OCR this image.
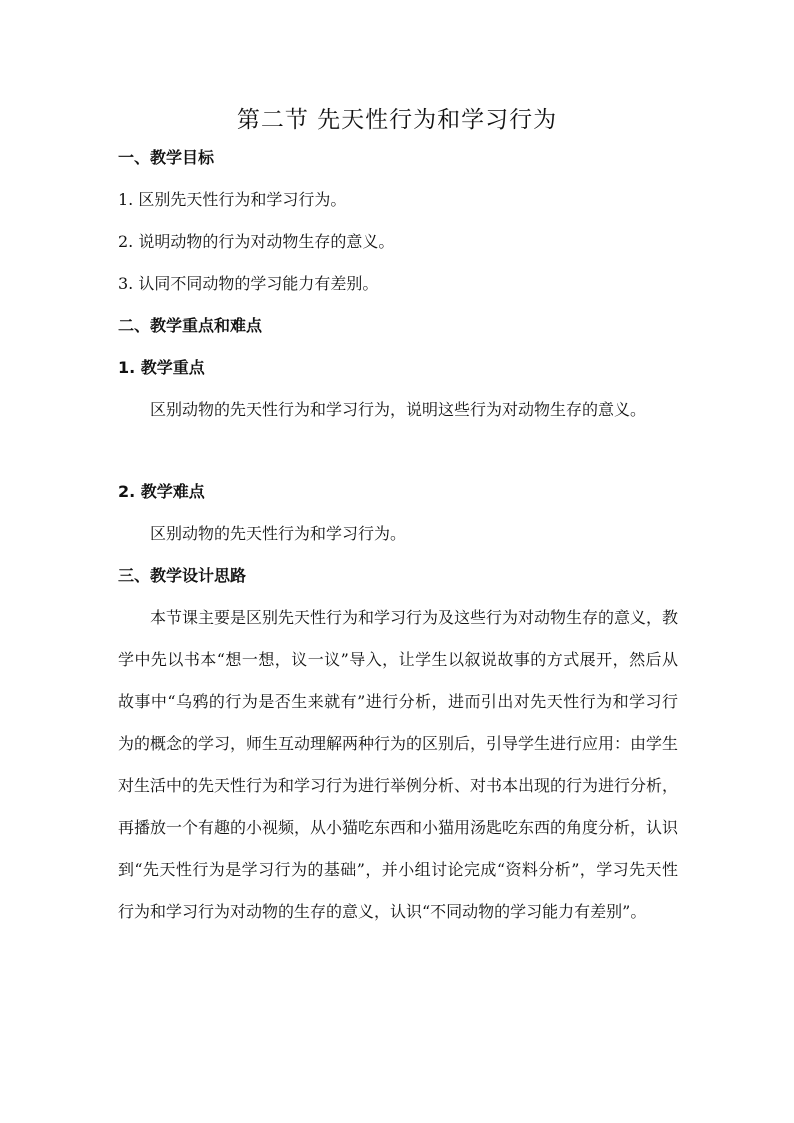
第二节 先天性行为和学习行为
一、教学目标
1. 区别先天性行为和学习行为。
2. 说明动物的行为对动物生存的意义。
3. 认同不同动物的学习能力有差别。
二、教学重点和难点
1. 教学重点
区别动物的先天性行为和学习行为，说明这些行为对动物生存的意义。
2. 教学难点
区别动物的先天性行为和学习行为。
三、教学设计思路
本节课主要是区别先天性行为和学习行为及这些行为对动物生存的意义，教学中先以书本“想一想，议一议”导入，让学生以叙说故事的方式展开，然后从故事中“乌鸦的行为是否生来就有”进行分析，进而引出对先天性行为和学习行为的概念的学习，师生互动理解两种行为的区别后，引导学生进行应用：由学生对生活中的先天性行为和学习行为进行举例分析、对书本出现的行为进行分析，再播放一个有趣的小视频，从小猫吃东西和小猫用汤匙吃东西的角度分析，认识到“先天性行为是学习行为的基础”，并小组讨论完成“资料分析”，学习先天性行为和学习行为对动物的生存的意义，认识“不同动物的学习能力有差别”。
